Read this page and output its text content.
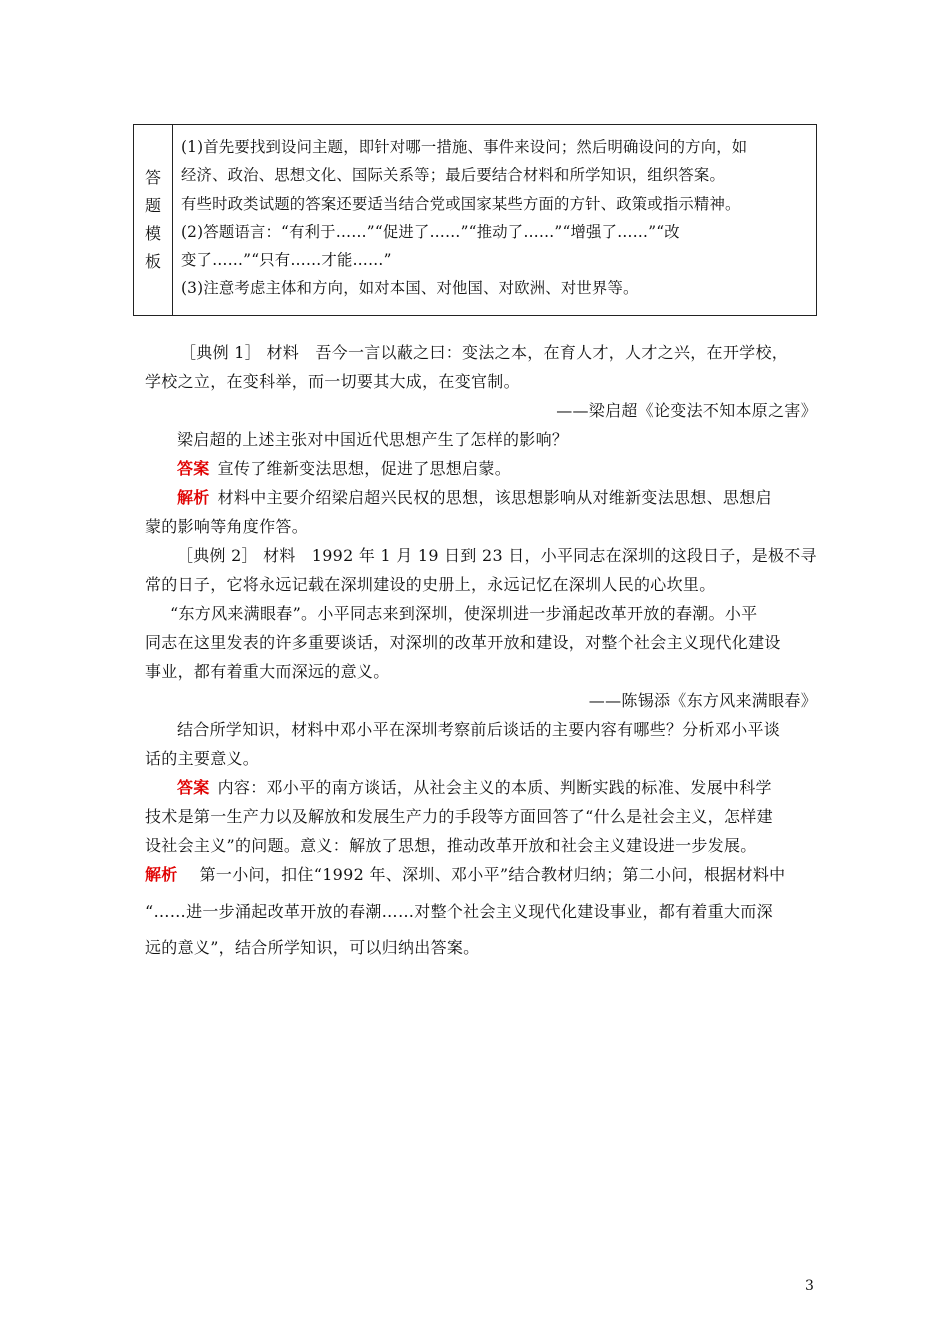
答
题
模
板
(1)首先要找到设问主题，即针对哪一措施、事件来设问；然后明确设问的方向，如
经济、政治、思想文化、国际关系等；最后要结合材料和所学知识，组织答案。
有些时政类试题的答案还要适当结合党或国家某些方面的方针、政策或指示精神。
(2)答题语言：“有利于……”“促进了……”“推动了……”“增强了……”“改
变了……”“只有……才能……”
(3)注意考虑主体和方向，如对本国、对他国、对欧洲、对世界等。
［典例 1］ 材料　吾今一言以蔽之曰：变法之本，在育人才，人才之兴，在开学校，
学校之立，在变科举，而一切要其大成，在变官制。
——梁启超《论变法不知本原之害》
梁启超的上述主张对中国近代思想产生了怎样的影响？
答案 宣传了维新变法思想，促进了思想启蒙。
解析 材料中主要介绍梁启超兴民权的思想，该思想影响从对维新变法思想、思想启
蒙的影响等角度作答。
［典例 2］ 材料　1992 年 1 月 19 日到 23 日，小平同志在深圳的这段日子，是极不寻
常的日子，它将永远记载在深圳建设的史册上，永远记忆在深圳人民的心坎里。
“东方风来满眼春”。小平同志来到深圳，使深圳进一步涌起改革开放的春潮。小平
同志在这里发表的许多重要谈话，对深圳的改革开放和建设，对整个社会主义现代化建设
事业，都有着重大而深远的意义。
——陈锡添《东方风来满眼春》
结合所学知识，材料中邓小平在深圳考察前后谈话的主要内容有哪些？分析邓小平谈
话的主要意义。
答案 内容：邓小平的南方谈话，从社会主义的本质、判断实践的标准、发展中科学
技术是第一生产力以及解放和发展生产力的手段等方面回答了“什么是社会主义，怎样建
设社会主义”的问题。意义：解放了思想，推动改革开放和社会主义建设进一步发展。
解析 第一小问，扣住“1992 年、深圳、邓小平”结合教材归纳；第二小问，根据材料中
“……进一步涌起改革开放的春潮……对整个社会主义现代化建设事业，都有着重大而深
远的意义”，结合所学知识，可以归纳出答案。
3
